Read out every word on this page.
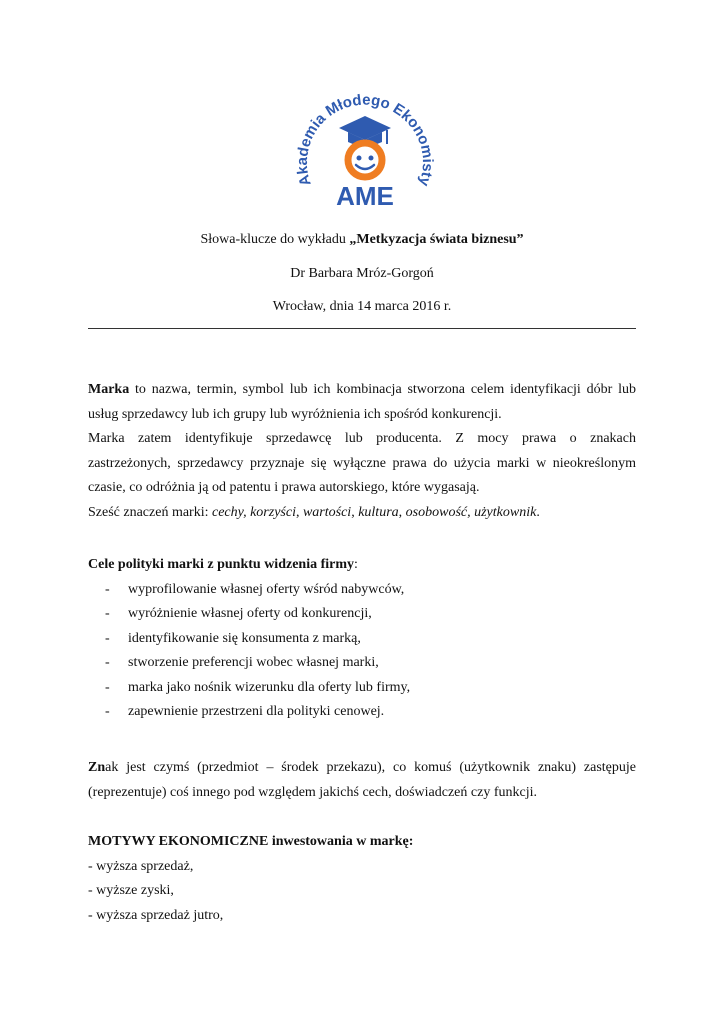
Akademia Młodego Ekonomisty
AME
Słowa-klucze do wykładu „Metkyzacja świata biznesu”
Dr Barbara Mróz-Gorgoń
Wrocław, dnia 14 marca 2016 r.
Marka to nazwa, termin, symbol lub ich kombinacja stworzona celem identyfikacji dóbr lub
usług sprzedawcy lub ich grupy lub wyróżnienia ich spośród konkurencji.
Marka zatem identyfikuje sprzedawcę lub producenta. Z mocy prawa o znakach
zastrzeżonych, sprzedawcy przyznaje się wyłączne prawa do użycia marki w nieokreślonym
czasie, co odróżnia ją od patentu i prawa autorskiego, które wygasają.
Sześć znaczeń marki: cechy, korzyści, wartości, kultura, osobowość, użytkownik.
Cele polityki marki z punktu widzenia firmy:
- wyprofilowanie własnej oferty wśród nabywców,
- wyróżnienie własnej oferty od konkurencji,
- identyfikowanie się konsumenta z marką,
- stworzenie preferencji wobec własnej marki,
- marka jako nośnik wizerunku dla oferty lub firmy,
- zapewnienie przestrzeni dla polityki cenowej.
Znak jest czymś (przedmiot – środek przekazu), co komuś (użytkownik znaku) zastępuje
(reprezentuje) coś innego pod względem jakichś cech, doświadczeń czy funkcji.
MOTYWY EKONOMICZNE inwestowania w markę:
- wyższa sprzedaż,
- wyższe zyski,
- wyższa sprzedaż jutro,
